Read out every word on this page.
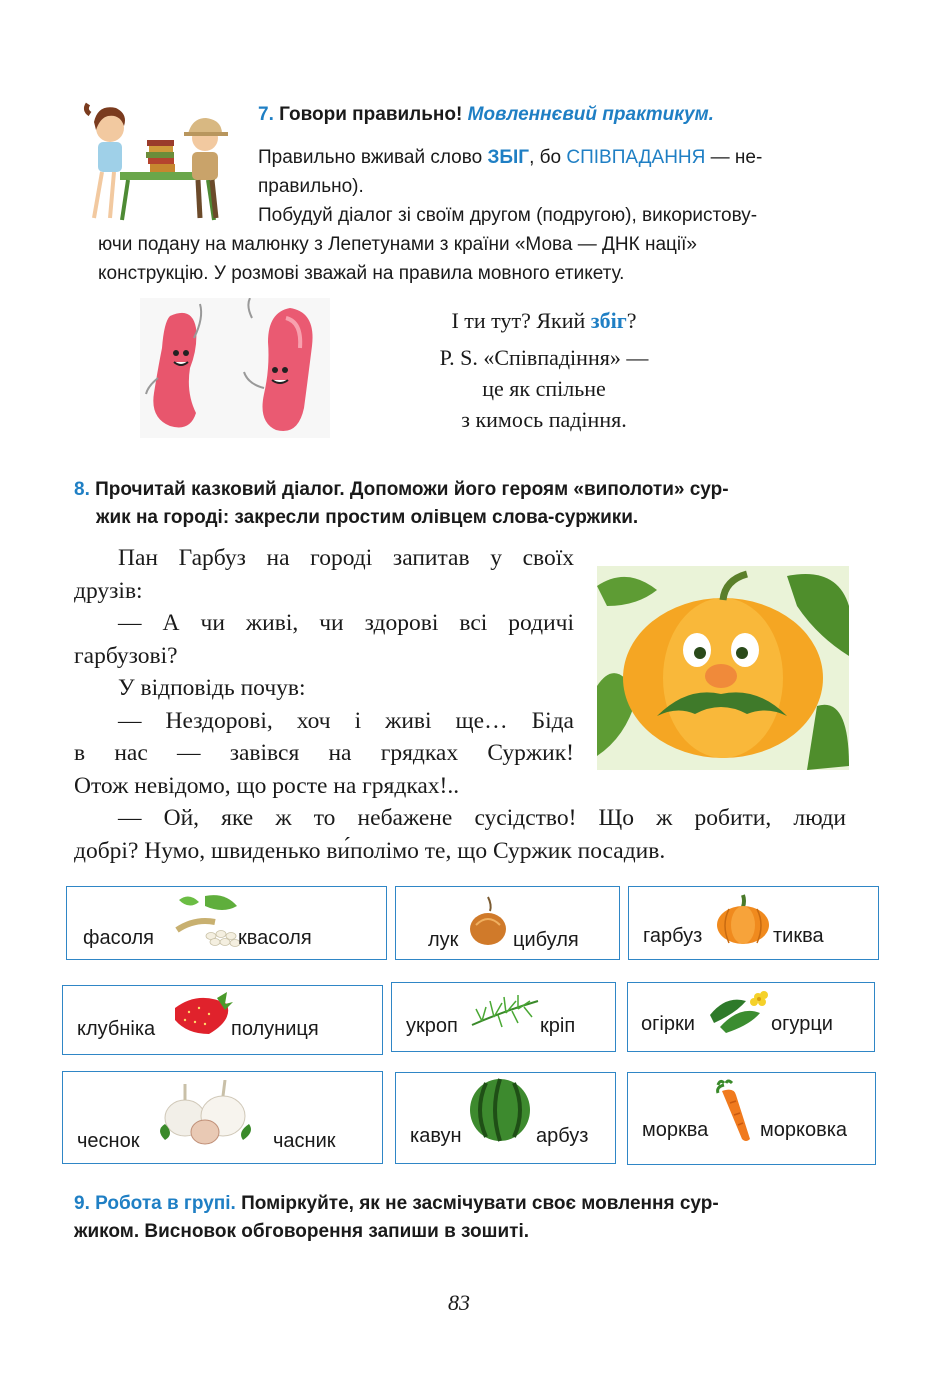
7. Говори правильно! Мовленнєвий практикум.
Правильно вживай слово ЗБІГ, бо СПІВПАДАННЯ — не-
правильно).
Побудуй діалог зі своїм другом (подругою), використову-
ючи подану на малюнку з Лепетунами з країни «Мова — ДНК нації»
конструкцію. У розмові зважай на правила мовного етикету.
І ти тут? Який збіг?
Р. S. «Співпадіння» —
це як спільне
з кимось падіння.
8. Прочитай казковий діалог. Допоможи його героям «виполоти» сур-
жик на городі: закресли простим олівцем слова-суржики.
Пан Гарбуз на городі запитав у своїх
друзів:
— А чи живі, чи здорові всі родичі
гарбузові?
У відповідь почув:
— Нездорові, хоч і живі ще… Біда
в нас — завівся на грядках Суржик!
Отож невідомо, що росте на грядках!..
— Ой, яке ж то небажене сусідство! Що ж робити, люди
добрі? Нумо, швиденько ви́полімо те, що Суржик посадив.
фасоля	квасоля	лук	цибуля	гарбуз	тиква
клубніка	полуниця	укроп	кріп	огірки	огурци
чеснок	часник	кавун	арбуз	морква	морковка
9. Робота в групі. Поміркуйте, як не засмічувати своє мовлення сур-
жиком. Висновок обговорення запиши в зошиті.
83
